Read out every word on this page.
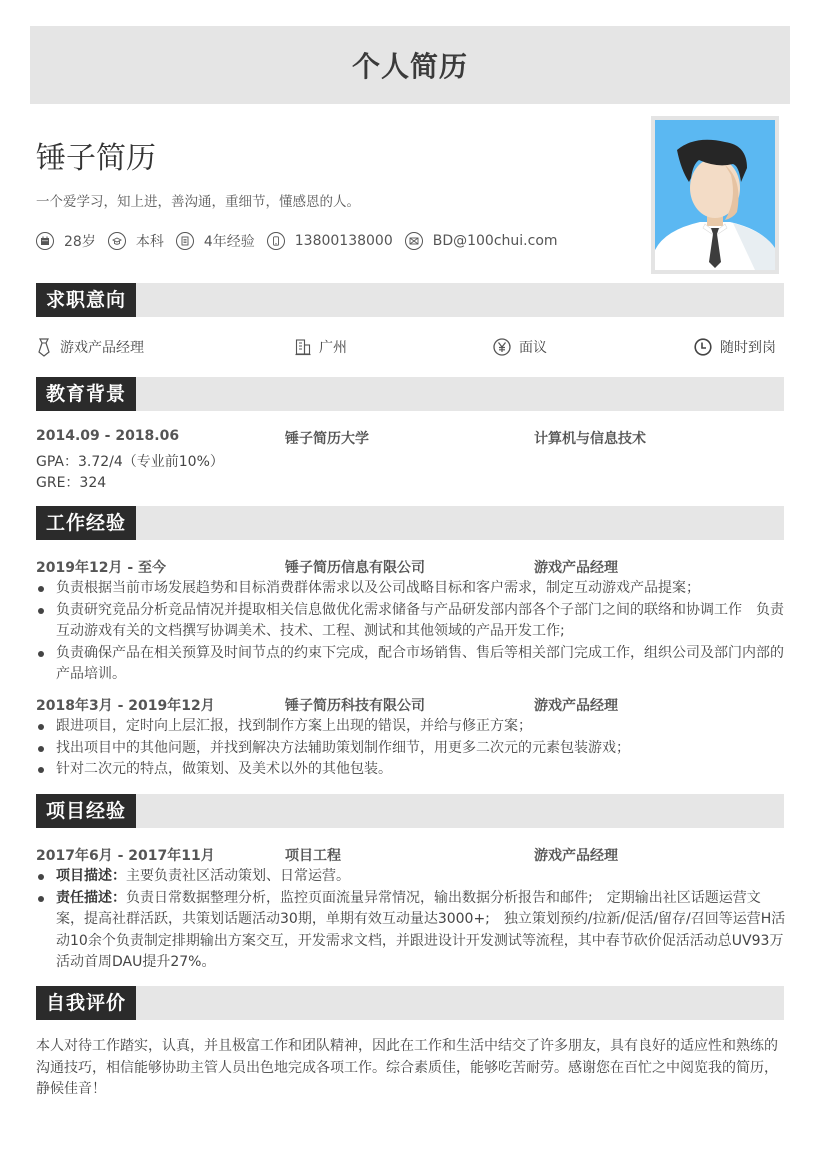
个人简历
锤子简历
一个爱学习，知上进，善沟通，重细节，懂感恩的人。
28岁	本科	4年经验	13800138000	BD@100chui.com
求职意向
游戏产品经理	广州	面议	随时到岗
教育背景
2014.09 - 2018.06	锤子简历大学	计算机与信息技术
GPA：3.72/4（专业前10%）
GRE：324
工作经验
2019年12月 - 至今	锤子简历信息有限公司	游戏产品经理
负责根据当前市场发展趋势和目标消费群体需求以及公司战略目标和客户需求，制定互动游戏产品提案；
负责研究竞品分析竞品情况并提取相关信息做优化需求储备与产品研发部内部各个子部门之间的联络和协调工作　负责互动游戏有关的文档撰写协调美术、技术、工程、测试和其他领域的产品开发工作;
负责确保产品在相关预算及时间节点的约束下完成，配合市场销售、售后等相关部门完成工作，组织公司及部门内部的产品培训。
2018年3月 - 2019年12月	锤子简历科技有限公司	游戏产品经理
跟进项目，定时向上层汇报，找到制作方案上出现的错误，并给与修正方案；
找出项目中的其他问题，并找到解决方法辅助策划制作细节，用更多二次元的元素包装游戏；
针对二次元的特点，做策划、及美术以外的其他包装。
项目经验
2017年6月 - 2017年11月	项目工程	游戏产品经理
项目描述：主要负责社区活动策划、日常运营。
责任描述：负责日常数据整理分析，监控页面流量异常情况，输出数据分析报告和邮件;　定期输出社区话题运营文案，提高社群活跃，共策划话题活动30期，单期有效互动量达3000+;　独立策划预约/拉新/促活/留存/召回等运营H活动10余个负责制定排期输出方案交互，开发需求文档，并跟进设计开发测试等流程，其中春节砍价促活活动总UV93万活动首周DAU提升27%。
自我评价
本人对待工作踏实，认真，并且极富工作和团队精神，因此在工作和生活中结交了许多朋友，具有良好的适应性和熟练的沟通技巧，相信能够协助主管人员出色地完成各项工作。综合素质佳，能够吃苦耐劳。感谢您在百忙之中阅览我的简历，静候佳音！
